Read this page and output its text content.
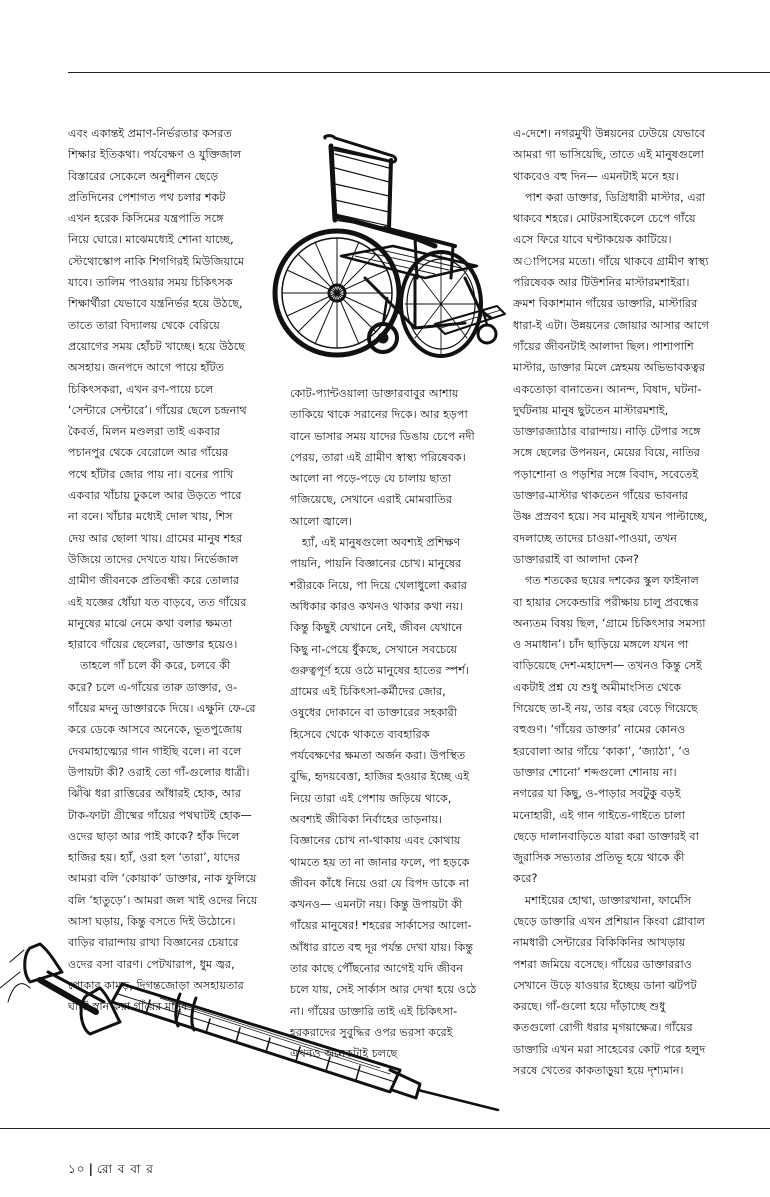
এবং একান্তই প্রমাণ-নির্ভরতার কসরত শিক্ষার ইতিকথা। পর্যবেক্ষণ ও যুক্তিজাল বিস্তারের সেকেলে অনুশীলন ছেড়ে প্রতিদিনের পেশাগত পথ চলার শকট এখন হরেক কিসিমের যন্ত্রপাতি সঙ্গে নিয়ে ঘোরে। মাঝেমধ্যেই শোনা যাচ্ছে, স্টেথোস্কোপ নাকি শিগগিরই মিউজিয়ামে যাবে। তালিম পাওয়ার সময় চিকিৎসক শিক্ষার্থীরা যেভাবে যন্ত্রনির্ভর হয়ে উঠছে, তাতে তারা বিদ্যালয় থেকে বেরিয়ে প্রয়োগের সময় হোঁচট খাচ্ছে। হয়ে উঠছে অসহায়। জনপদে আগে পায়ে হাঁটত চিকিৎসকরা, এখন রণ-পায়ে চলে ‘সেন্টারে সেন্টারে’। গাঁয়ের ছেলে চন্দ্রনাথ কৈবর্ত, মিলন মণ্ডলরা তাই একবার পচানপুর থেকে বেরোলে আর গাঁয়ের পথে হাঁটার জোর পায় না। বনের পাখি একবার খাঁচায় ঢুকলে আর উড়তে পারে না বনে। খাঁচার মধ্যেই দোল খায়, শিস দেয় আর ছোলা খায়। গ্রামের মানুষ শহর উজিয়ে তাদের দেখতে যায়। নির্ভেজাল গ্রামীণ জীবনকে প্রতিবন্ধী করে তোলার এই যজ্ঞের ধোঁয়া যত বাড়বে, তত গাঁয়ের মানুষের মাঝে নেমে কথা বলার ক্ষমতা হারাবে গাঁয়ের ছেলেরা, ডাক্তার হয়েও।

তাহলে গাঁ চলে কী করে, চলবে কী করে? চলে এ-গাঁয়ের তারু ডাক্তার, ও-গাঁয়ের মদনু ডাক্তারকে দিয়ে। এক্ষুনি ফে-রে করে ডেকে আসবে অনেকে, ভূতপুজোয় দেবমাহাত্ম্যের গান গাইছি বলে। না বলে উপায়টা কী? ওরাই তো গাঁ-গুলোর ধাত্রী। ঝিঁঝি ধরা রাত্তিরের আঁধারই হোক, আর টাক-ফাটা গ্রীষ্মের গাঁয়ের পথঘাটই হোক— ওদের ছাড়া আর পাই কাকে? হাঁক দিলে হাজির হয়। হ্যাঁ, ওরা হল ‘তারা’, যাদের আমরা বলি ‘কোয়াক’ ডাক্তার, নাক ফুলিয়ে বলি ‘হাতুড়ে’। আমরা জল খাই ওদের নিয়ে আসা ঘড়ায়, কিন্তু বসতে দিই উঠোনে। বাড়ির বারান্দায় রাখা বিজ্ঞানের চেয়ারে ওদের বসা বারণ। পেটখারাপ, ধুম জ্বর, পোকার কামড়, দিগন্তজোড়া অসহায়তার ঘাটে স্নান করা গাঁয়ের মানুষ

কোট-প্যান্টওয়ালা ডাক্তারবাবুর আশায় তাকিয়ে থাকে সরানের দিকে। আর হড়পা বানে ভাসার সময় যাদের ডিঙায় চেপে নদী পেরয়, তারা এই গ্রামীণ স্বাস্থ্য পরিষেবক। আলো না পড়ে-পড়ে যে চালায় ছাতা গজিয়েছে, সেখানে এরাই মোমবাতির আলো জ্বালে।

হ্যাঁ, এই মানুষগুলো অবশ্যই প্রশিক্ষণ পায়নি, পায়নি বিজ্ঞানের চোখ। মানুষের শরীরকে নিয়ে, পা দিয়ে খেলাধুলো করার অধিকার কারও কখনও থাকার কথা নয়। কিন্তু কিছুই যেখানে নেই, জীবন যেখানে কিছু না-পেয়ে ধুঁকছে, সেখানে সবচেয়ে গুরুত্বপূর্ণ হয়ে ওঠে মানুষের হাতের স্পর্শ। গ্রামের এই চিকিৎসা-কর্মীদের জোর, ওষুধের দোকানে বা ডাক্তারের সহকারী হিসেবে থেকে থাকতে ব্যবহারিক পর্যবেক্ষণের ক্ষমতা অর্জন করা। উপস্থিত বুদ্ধি, হৃদয়বেত্তা, হাজির হওয়ার ইচ্ছে এই নিয়ে তারা এই পেশায় জড়িয়ে থাকে, অবশ্যই জীবিকা নির্বাহের তাড়নায়। বিজ্ঞানের চোখ না-থাকায় এবং কোথায় থামতে হয় তা না জানার ফলে, পা হড়কে জীবন কাঁধে নিয়ে ওরা যে বিপদ ডাকে না কখনও— এমনটা নয়। কিন্তু উপায়টা কী গাঁয়ের মানুষের! শহরের সার্কাসের আলো-আঁধার রাতে বহু দূর পর্যন্ত দেখা যায়। কিন্তু তার কাছে পৌঁছনোর আগেই যদি জীবন চলে যায়, সেই সার্কাস আর দেখা হয়ে ওঠে না। গাঁয়ের ডাক্তারি তাই এই চিকিৎসা-হরকরাদের সুবুদ্ধির ওপর ভরসা করেই এখনও অনেকটাই চলছে

এ-দেশে। নগরমুখী উন্নয়নের ঢেউয়ে যেভাবে আমরা গা ভাসিয়েছি, তাতে এই মানুষগুলো থাকবেও বহু দিন— এমনটাই মনে হয়।

পাশ করা ডাক্তার, ডিগ্রিধারী মাস্টার, এরা থাকবে শহরে। মোটরসাইকেলে চেপে গাঁয়ে এসে ফিরে যাবে ঘণ্টাকয়েক কাটিয়ে। অাপিসের মতো। গাঁয়ে থাকবে গ্রামীণ স্বাস্থ্য পরিষেবক আর টিউশনির মাস্টারমশাইরা। ক্রমশ বিকাশমান গাঁয়ের ডাক্তারি, মাস্টারির ধারা-ই এটা। উন্নয়নের জোয়ার আসার আগে গাঁয়ের জীবনটাই আলাদা ছিল। পাশাপাশি মাস্টার, ডাক্তার মিলে স্নেহময় অভিভাবকত্বর একতোড়া বানাতেন। আনন্দ, বিষাদ, ঘটনা-দুর্ঘটনায় মানুষ ছুটতেন মাস্টারমশাই, ডাক্তারজ্যাঠার বারান্দায়। নাড়ি টেপার সঙ্গে সঙ্গে ছেলের উপনয়ন, মেয়ের বিয়ে, নাতির পড়াশোনা ও পড়শির সঙ্গে বিবাদ, সবেতেই ডাক্তার-মাস্টার থাকতেন গাঁয়ের ভাবনার উষ্ণ প্রস্রবণ হয়ে। সব মানুষই যখন পাল্টাচ্ছে, বদলাচ্ছে তাদের চাওয়া-পাওয়া, তখন ডাক্তাররাই বা আলাদা কেন?

গত শতকের ছয়ের দশকের স্কুল ফাইনাল বা হায়ার সেকেন্ডারি পরীক্ষায় চালু প্রবন্ধের অন্যতম বিষয় ছিল, ‘গ্রামে চিকিৎসার সমস্যা ও সমাধান’। চাঁদ ছাড়িয়ে মঙ্গলে যখন পা বাড়িয়েছে দেশ-মহাদেশ— তখনও কিন্তু সেই একটাই প্রশ্ন যে শুধু অমীমাংসিত থেকে গিয়েছে তা-ই নয়, তার বহর বেড়ে গিয়েছে বহুগুণ। ‘গাঁয়ের ডাক্তার’ নামের কোনও হরবোলা আর গাঁয়ে ‘কাকা’, ‘জ্যাঠা’, ‘ও ডাক্তার শোনো’ শব্দগুলো শোনায় না। নগরের যা কিছু, ও-পাড়ার সবটুকু বড়ই মনোহারী, এই গান গাইতে-গাইতে চালা ছেড়ে দালানবাড়িতে যারা করা ডাক্তারই বা জুরাসিক সভ্যতার প্রতিভূ হয়ে থাকে কী করে?

মশাইয়ের হোথা, ডাক্তারখানা, ফার্মেসি ছেড়ে ডাক্তারি এখন প্রশিয়ান কিংবা গ্লোবাল নামধারী সেন্টারের বিকিকিনির আখড়ায় পশরা জমিয়ে বসেছে। গাঁয়ের ডাক্তাররাও সেখানে উড়ে যাওয়ার ইচ্ছেয় ডানা ঝটপট করছে। গাঁ-গুলো হয়ে দাঁড়াচ্ছে শুধু কতগুলো রোগী ধরার মৃগয়াক্ষেত্র। গাঁয়ের ডাক্তারি এখন মরা সাহেবের কোট পরে হলুদ সরষে খেতের কাকতাড়ুয়া হয়ে দৃশ্যমান।

১০ | রো ব বা র
